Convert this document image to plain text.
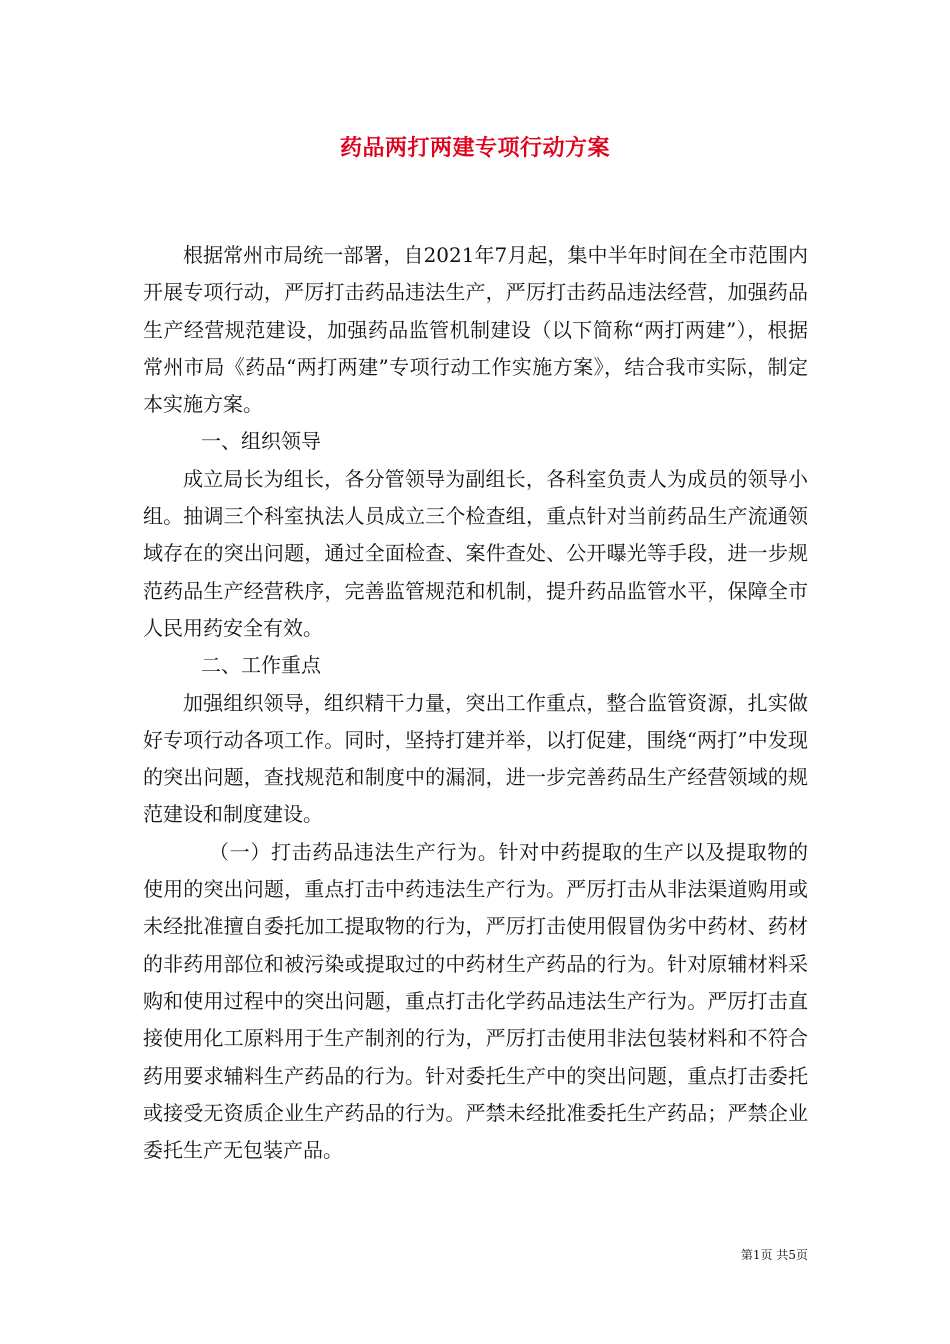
药品两打两建专项行动方案

根据常州市局统一部署，自2021年7月起，集中半年时间在全市范围内开展专项行动，严厉打击药品违法生产，严厉打击药品违法经营，加强药品生产经营规范建设，加强药品监管机制建设（以下简称“两打两建”），根据常州市局《药品“两打两建”专项行动工作实施方案》，结合我市实际，制定本实施方案。

一、组织领导

成立局长为组长，各分管领导为副组长，各科室负责人为成员的领导小组。抽调三个科室执法人员成立三个检查组，重点针对当前药品生产流通领域存在的突出问题，通过全面检查、案件查处、公开曝光等手段，进一步规范药品生产经营秩序，完善监管规范和机制，提升药品监管水平，保障全市人民用药安全有效。

二、工作重点

加强组织领导，组织精干力量，突出工作重点，整合监管资源，扎实做好专项行动各项工作。同时，坚持打建并举，以打促建，围绕“两打”中发现的突出问题，查找规范和制度中的漏洞，进一步完善药品生产经营领域的规范建设和制度建设。

（一）打击药品违法生产行为。针对中药提取的生产以及提取物的使用的突出问题，重点打击中药违法生产行为。严厉打击从非法渠道购用或未经批准擅自委托加工提取物的行为，严厉打击使用假冒伪劣中药材、药材的非药用部位和被污染或提取过的中药材生产药品的行为。针对原辅材料采购和使用过程中的突出问题，重点打击化学药品违法生产行为。严厉打击直接使用化工原料用于生产制剂的行为，严厉打击使用非法包装材料和不符合药用要求辅料生产药品的行为。针对委托生产中的突出问题，重点打击委托或接受无资质企业生产药品的行为。严禁未经批准委托生产药品；严禁企业委托生产无包装产品。

第1页 共5页
